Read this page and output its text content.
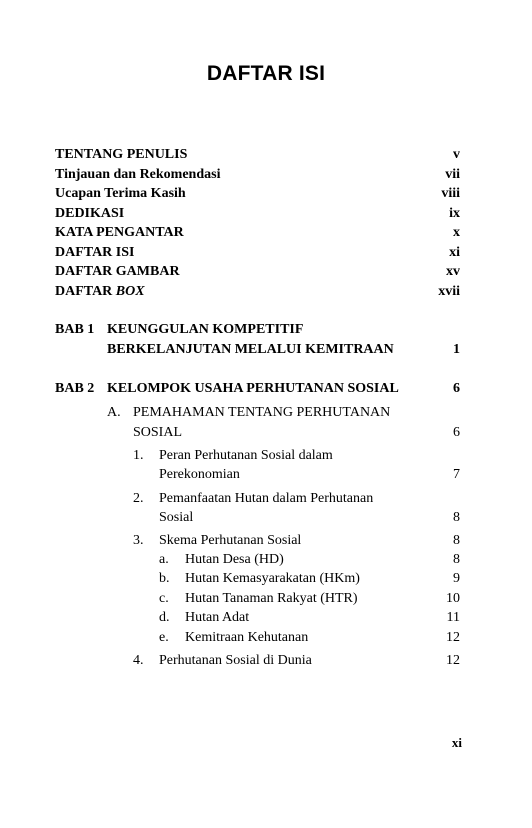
DAFTAR ISI
TENTANG PENULIS	v
Tinjauan dan Rekomendasi	vii
Ucapan Terima Kasih	viii
DEDIKASI	ix
KATA PENGANTAR	x
DAFTAR ISI	xi
DAFTAR GAMBAR	xv
DAFTAR BOX	xvii
BAB 1 KEUNGGULAN KOMPETITIF
BERKELANJUTAN MELALUI KEMITRAAN	1
BAB 2 KELOMPOK USAHA PERHUTANAN SOSIAL	6
A. PEMAHAMAN TENTANG PERHUTANAN
SOSIAL	6
1. Peran Perhutanan Sosial dalam
Perekonomian	7
2. Pemanfaatan Hutan dalam Perhutanan
Sosial	8
3. Skema Perhutanan Sosial	8
a. Hutan Desa (HD)	8
b. Hutan Kemasyarakatan (HKm)	9
c. Hutan Tanaman Rakyat (HTR)	10
d. Hutan Adat	11
e. Kemitraan Kehutanan	12
4. Perhutanan Sosial di Dunia	12
xi
